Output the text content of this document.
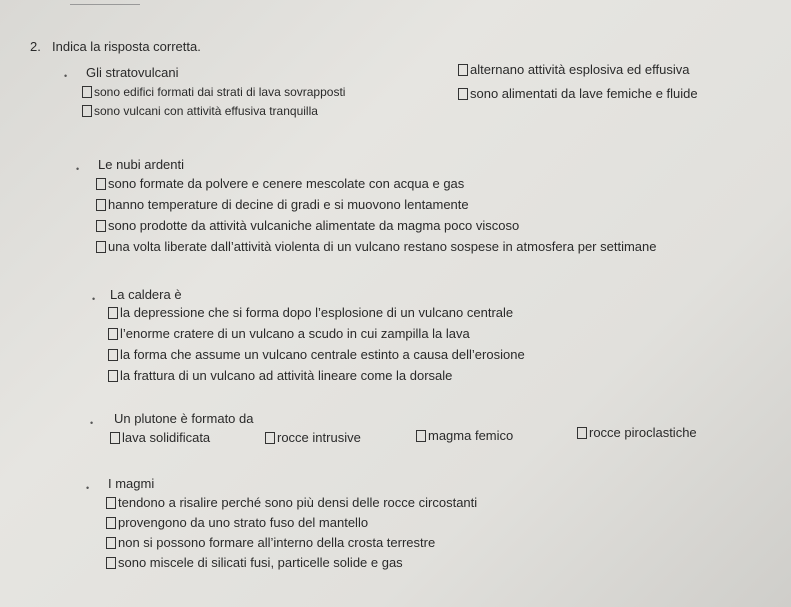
2. Indica la risposta corretta.
• Gli stratovulcani
sono edifici formati dai strati di lava sovrapposti
alternano attività esplosiva ed effusiva
sono vulcani con attività effusiva tranquilla
sono alimentati da lave femiche e fluide
• Le nubi ardenti
sono formate da polvere e cenere mescolate con acqua e gas
hanno temperature di decine di gradi e si muovono lentamente
sono prodotte da attività vulcaniche alimentate da magma poco viscoso
una volta liberate dall’attività violenta di un vulcano restano sospese in atmosfera per settimane
• La caldera è
la depressione che si forma dopo l’esplosione di un vulcano centrale
l’enorme cratere di un vulcano a scudo in cui zampilla la lava
la forma che assume un vulcano centrale estinto a causa dell’erosione
la frattura di un vulcano ad attività lineare come la dorsale
• Un plutone è formato da
lava solidificata	rocce intrusive	magma femico	rocce piroclastiche
• I magmi
tendono a risalire perché sono più densi delle rocce circostanti
provengono da uno strato fuso del mantello
non si possono formare all’interno della crosta terrestre
sono miscele di silicati fusi, particelle solide e gas
